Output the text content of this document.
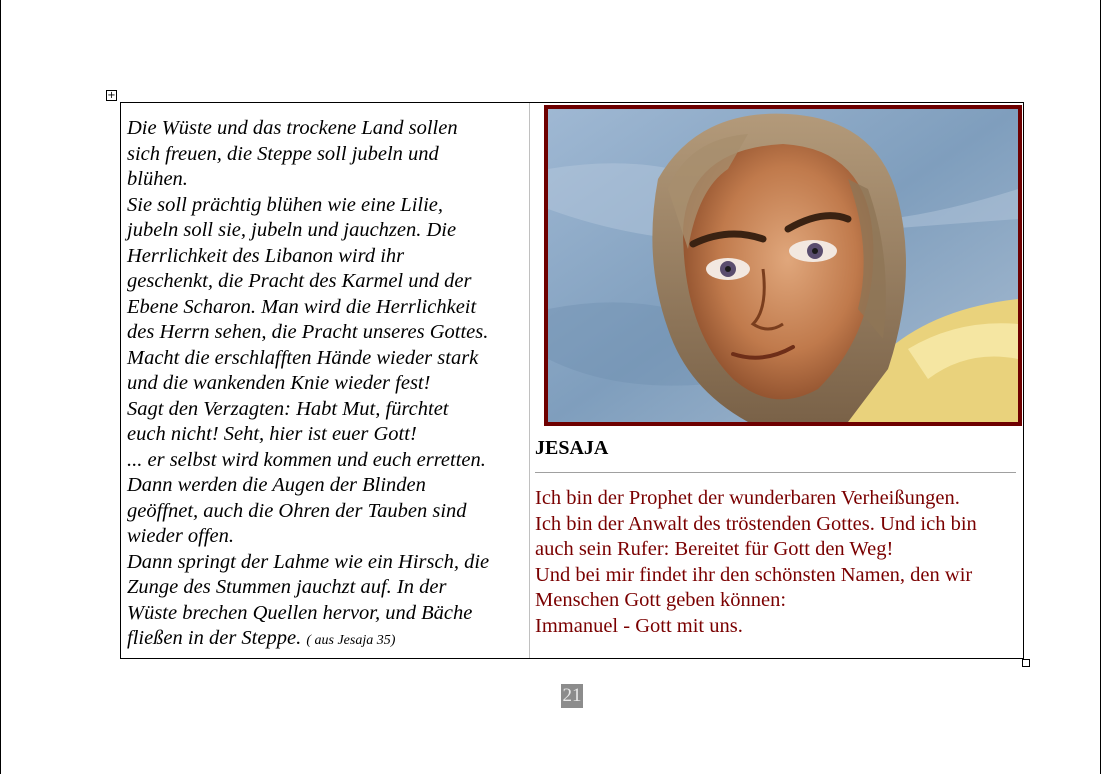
+

Die Wüste und das trockene Land sollen

sich freuen, die Steppe soll jubeln und

blühen.

Sie soll prächtig blühen wie eine Lilie,

jubeln soll sie, jubeln und jauchzen. Die

Herrlichkeit des Libanon wird ihr

geschenkt, die Pracht des Karmel und der

Ebene Scharon. Man wird die Herrlichkeit

des Herrn sehen, die Pracht unseres Gottes.

Macht die erschlafften Hände wieder stark

und die wankenden Knie wieder fest!

Sagt den Verzagten: Habt Mut, fürchtet

euch nicht! Seht, hier ist euer Gott!

... er selbst wird kommen und euch erretten.

Dann werden die Augen der Blinden

geöffnet, auch die Ohren der Tauben sind

wieder offen.

Dann springt der Lahme wie ein Hirsch, die

Zunge des Stummen jauchzt auf. In der

Wüste brechen Quellen hervor, und Bäche

fließen in der Steppe. ( aus Jesaja 35)

JESAJA

Ich bin der Prophet der wunderbaren Verheißungen.

Ich bin der Anwalt des tröstenden Gottes. Und ich bin

auch sein Rufer: Bereitet für Gott den Weg!

Und bei mir findet ihr den schönsten Namen, den wir

Menschen Gott geben können:

Immanuel - Gott mit uns.

21
